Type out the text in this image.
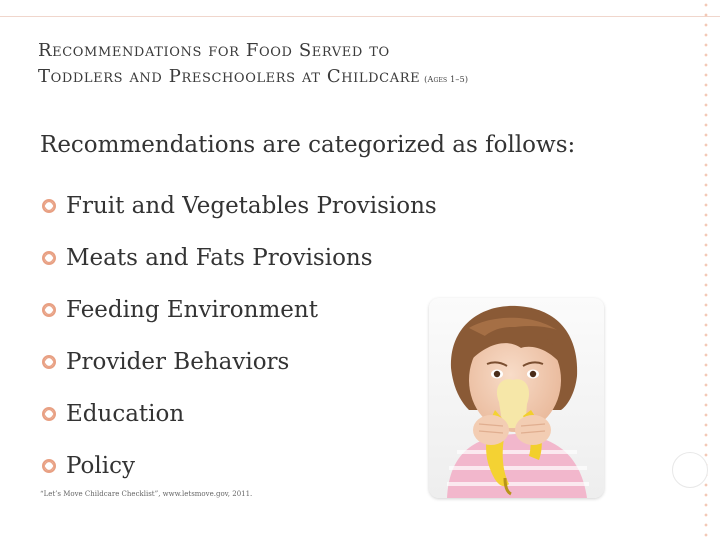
Recommendations for Food Served to
Toddlers and Preschoolers at Childcare (Ages 1–5)
Recommendations are categorized as follows:
Fruit and Vegetables Provisions
Meats and Fats Provisions
Feeding Environment
Provider Behaviors
Education
Policy
“Let’s Move Childcare Checklist”, www.letsmove.gov, 2011.
